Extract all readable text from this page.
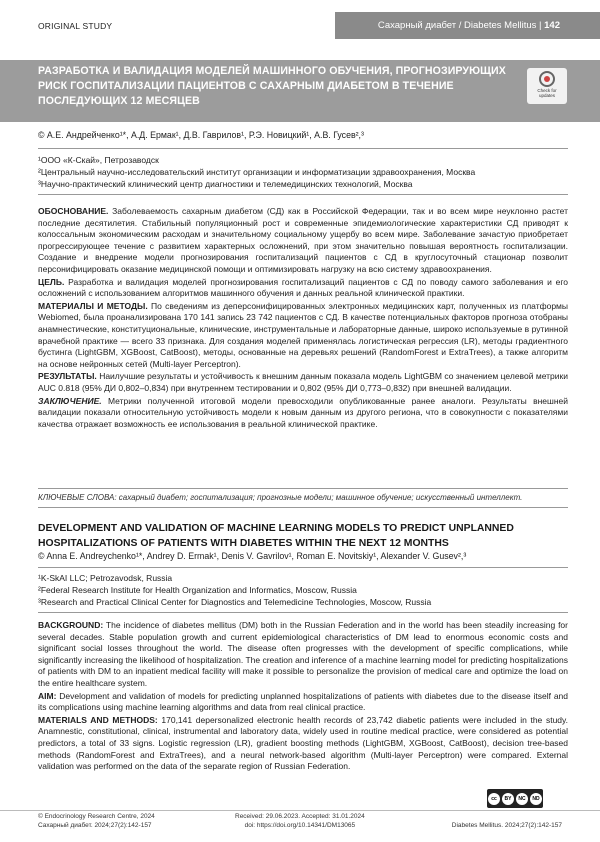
ORIGINAL STUDY	Сахарный диабет / Diabetes Mellitus | 142
РАЗРАБОТКА И ВАЛИДАЦИЯ МОДЕЛЕЙ МАШИННОГО ОБУЧЕНИЯ, ПРОГНОЗИРУЮЩИХ РИСК ГОСПИТАЛИЗАЦИИ ПАЦИЕНТОВ С САХАРНЫМ ДИАБЕТОМ В ТЕЧЕНИЕ ПОСЛЕДУЮЩИХ 12 МЕСЯЦЕВ
Check for
updates
© А.Е. Андрейченко¹*, А.Д. Ермак¹, Д.В. Гаврилов¹, Р.Э. Новицкий¹, А.В. Гусев²,³
¹ООО «К-Скай», Петрозаводск
²Центральный научно-исследовательский институт организации и информатизации здравоохранения, Москва
³Научно-практический клинический центр диагностики и телемедицинских технологий, Москва

ОБОСНОВАНИЕ. Заболеваемость сахарным диабетом (СД) как в Российской Федерации, так и во всем мире неуклонно растет последние десятилетия. Стабильный популяционный рост и современные эпидемиологические характеристики СД приводят к колоссальным экономическим расходам и значительному социальному ущербу во всем мире. Заболевание зачастую приобретает прогрессирующее течение с развитием характерных осложнений, при этом значительно повышая вероятность госпитализации. Создание и внедрение модели прогнозирования госпитализаций пациентов с СД в круглосуточный стационар позволит персонифицировать оказание медицинской помощи и оптимизировать нагрузку на всю систему здравоохранения.

ЦЕЛЬ. Разработка и валидация моделей прогнозирования госпитализаций пациентов с СД по поводу самого заболевания и его осложнений с использованием алгоритмов машинного обучения и данных реальной клинической практики.

МАТЕРИАЛЫ И МЕТОДЫ. По сведениям из деперсонифицированных электронных медицинских карт, полученных из платформы Webiomed, была проанализирована 170 141 запись 23 742 пациентов с СД. В качестве потенциальных факторов прогноза отобраны анамнестические, конституциональные, клинические, инструментальные и лабораторные данные, широко используемые в рутинной врачебной практике — всего 33 признака. Для создания моделей применялась логистическая регрессия (LR), методы градиентного бустинга (LightGBM, XGBoost, CatBoost), методы, основанные на деревьях решений (RandomForest и ExtraTrees), а также алгоритм на основе нейронных сетей (Multi-layer Perceptron).

РЕЗУЛЬТАТЫ. Наилучшие результаты и устойчивость к внешним данным показала модель LightGBM со значением целевой метрики AUC 0.818 (95% ДИ 0,802–0,834) при внутреннем тестировании и 0,802 (95% ДИ 0,773–0,832) при внешней валидации.

ЗАКЛЮЧЕНИЕ. Метрики полученной итоговой модели превосходили опубликованные ранее аналоги. Результаты внешней валидации показали относительную устойчивость модели к новым данным из другого региона, что в совокупности с показателями качества отражает возможность ее использования в реальной клинической практике.

КЛЮЧЕВЫЕ СЛОВА: сахарный диабет; госпитализация; прогнозные модели; машинное обучение; искусственный интеллект.
DEVELOPMENT AND VALIDATION OF MACHINE LEARNING MODELS TO PREDICT UNPLANNED HOSPITALIZATIONS OF PATIENTS WITH DIABETES WITHIN THE NEXT 12 MONTHS
© Anna E. Andreychenko¹*, Andrey D. Ermak¹, Denis V. Gavrilov¹, Roman E. Novitskiy¹, Alexander V. Gusev²,³
¹K-SkAI LLC; Petrozavodsk, Russia
²Federal Research Institute for Health Organization and Informatics, Moscow, Russia
³Research and Practical Clinical Center for Diagnostics and Telemedicine Technologies, Moscow, Russia

BACKGROUND: The incidence of diabetes mellitus (DM) both in the Russian Federation and in the world has been steadily increasing for several decades. Stable population growth and current epidemiological characteristics of DM lead to enormous economic costs and significant social losses throughout the world. The disease often progresses with the development of specific complications, while significantly increasing the likelihood of hospitalization. The creation and inference of a machine learning model for predicting hospitalizations of patients with DM to an inpatient medical facility will make it possible to personalize the provision of medical care and optimize the load on the entire healthcare system.

AIM: Development and validation of models for predicting unplanned hospitalizations of patients with diabetes due to the disease itself and its complications using machine learning algorithms and data from real clinical practice.

MATERIALS AND METHODS: 170,141 depersonalized electronic health records of 23,742 diabetic patients were included in the study. Anamnestic, constitutional, clinical, instrumental and laboratory data, widely used in routine medical practice, were considered as potential predictors, a total of 33 signs. Logistic regression (LR), gradient boosting methods (LightGBM, XGBoost, CatBoost), decision tree-based methods (RandomForest and ExtraTrees), and a neural network-based algorithm (Multi-layer Perceptron) were compared. External validation was performed on the data of the separate region of Russian Federation.

cc	BY	NC	ND
© Endocrinology Research Centre, 2024
Сахарный диабет. 2024;27(2):142-157
Received: 29.06.2023. Accepted: 31.01.2024
doi: https://doi.org/10.14341/DM13065
	Diabetes Mellitus. 2024;27(2):142-157
